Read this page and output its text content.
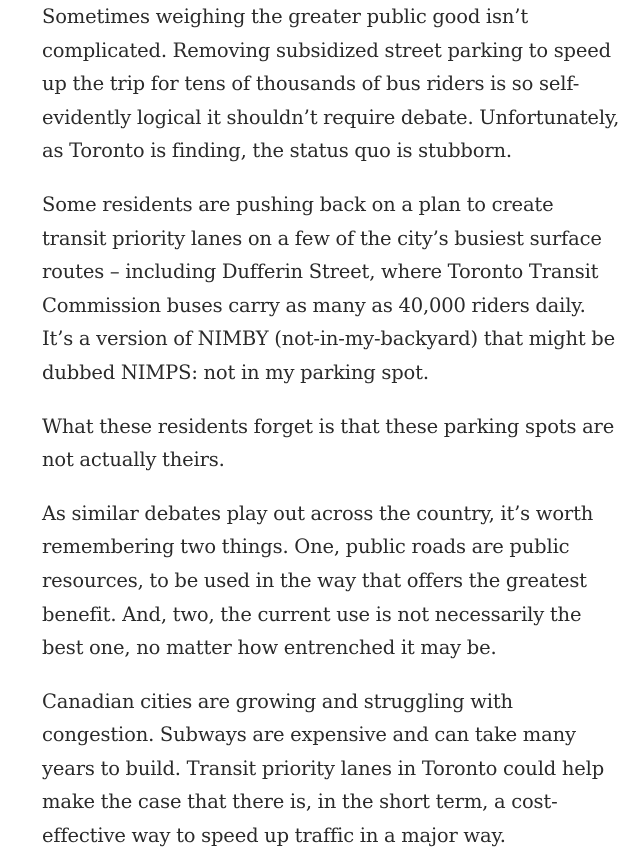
Sometimes weighing the greater public good isn’t complicated. Removing subsidized street parking to speed up the trip for tens of thousands of bus riders is so self-evidently logical it shouldn’t require debate. Unfortunately, as Toronto is finding, the status quo is stubborn.

Some residents are pushing back on a plan to create transit priority lanes on a few of the city’s busiest surface routes – including Dufferin Street, where Toronto Transit Commission buses carry as many as 40,000 riders daily. It’s a version of NIMBY (not-in-my-backyard) that might be dubbed NIMPS: not in my parking spot.

What these residents forget is that these parking spots are not actually theirs.

As similar debates play out across the country, it’s worth remembering two things. One, public roads are public resources, to be used in the way that offers the greatest benefit. And, two, the current use is not necessarily the best one, no matter how entrenched it may be.

Canadian cities are growing and struggling with congestion. Subways are expensive and can take many years to build. Transit priority lanes in Toronto could help make the case that there is, in the short term, a cost-effective way to speed up traffic in a major way.
